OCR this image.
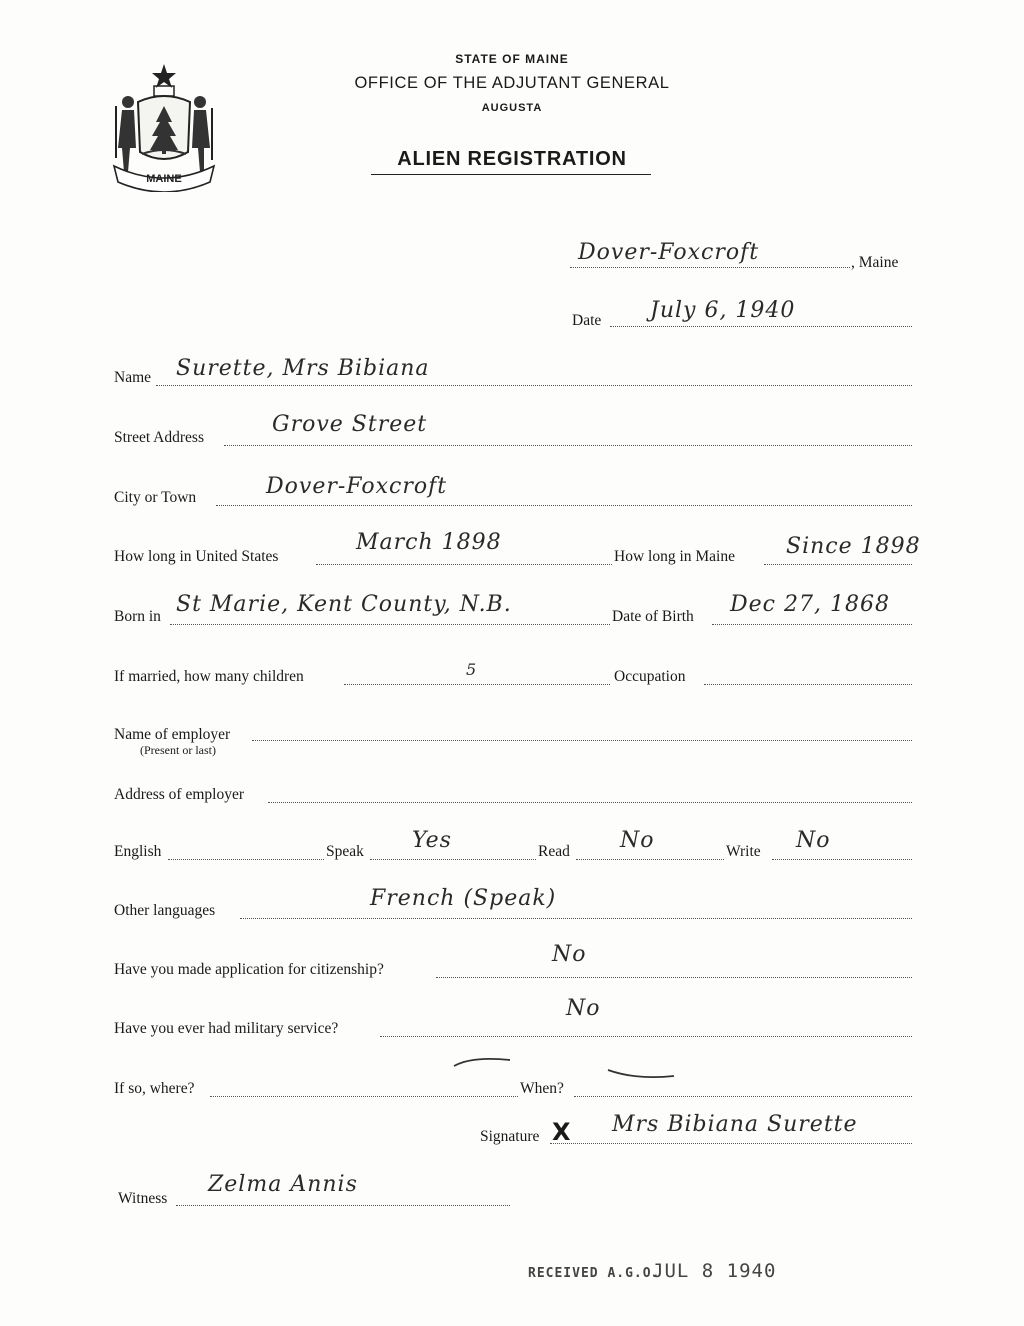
MAINE
STATE OF MAINE
OFFICE OF THE ADJUTANT GENERAL
AUGUSTA
ALIEN REGISTRATION
Dover-Foxcroft	, Maine
Date July 6, 1940
Name Surette, Mrs Bibiana
Street Address
Grove Street
City or Town	Dover-Foxcroft
How long in United States
March 1898
How long in Maine Since 1898
Born in St Marie, Kent County, N.B.	Date of Birth Dec 27, 1868
If married, how many children	5	Occupation
Name of employer
(Present or last)
Address of employer
English	Speak Yes	Read No	Write No
Other languages	French (Speak)
Have you made application for citizenship?
No
Have you ever had military service?
No
If so, where?	When?
Signature X Mrs Bibiana Surette
Witness
Zelma Annis
RECEIVED A.G.O.
JUL 8 1940
